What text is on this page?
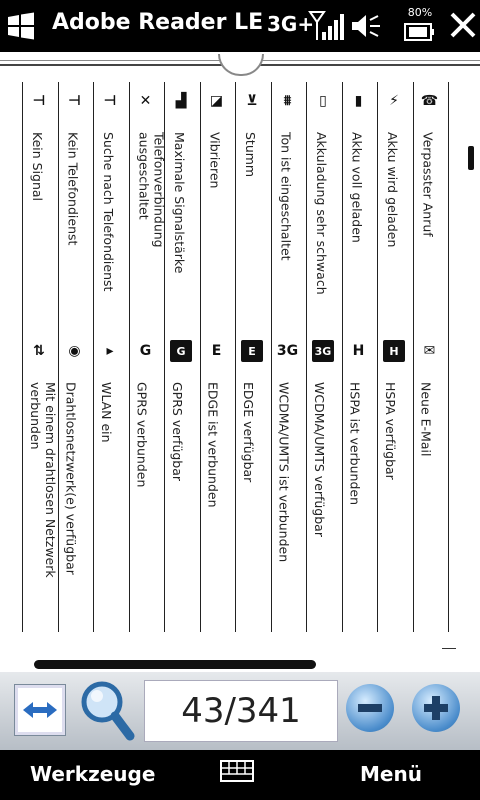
Adobe Reader LE 3G+	80%
⊣
Kein Signal
⇅
Mit einem drahtlosen Netzwerk
verbunden
⊣
Kein Telefondienst
◉
Drahtlosnetzwerk(e) verfügbar
⊣
Suche nach Telefondienst
▸
WLAN ein
✕
Telefonverbindung
ausgeschaltet
G
GPRS verbunden
▟
Maximale Signalstärke
G
GPRS verfügbar
◪
Vibrieren
E
EDGE ist verbunden
⊻
Stumm
E
EDGE verfügbar
⩩
Ton ist eingeschaltet
3G
WCDMA/UMTS ist verbunden
▯
Akkuladung sehr schwach
3G
WCDMA/UMTS verfügbar
▮
Akku voll geladen
H
HSPA ist verbunden
⚡
Akku wird geladen
H
HSPA verfügbar
☎
Verpasster Anruf
✉
Neue E-Mail
43/341
Werkzeuge	Menü
